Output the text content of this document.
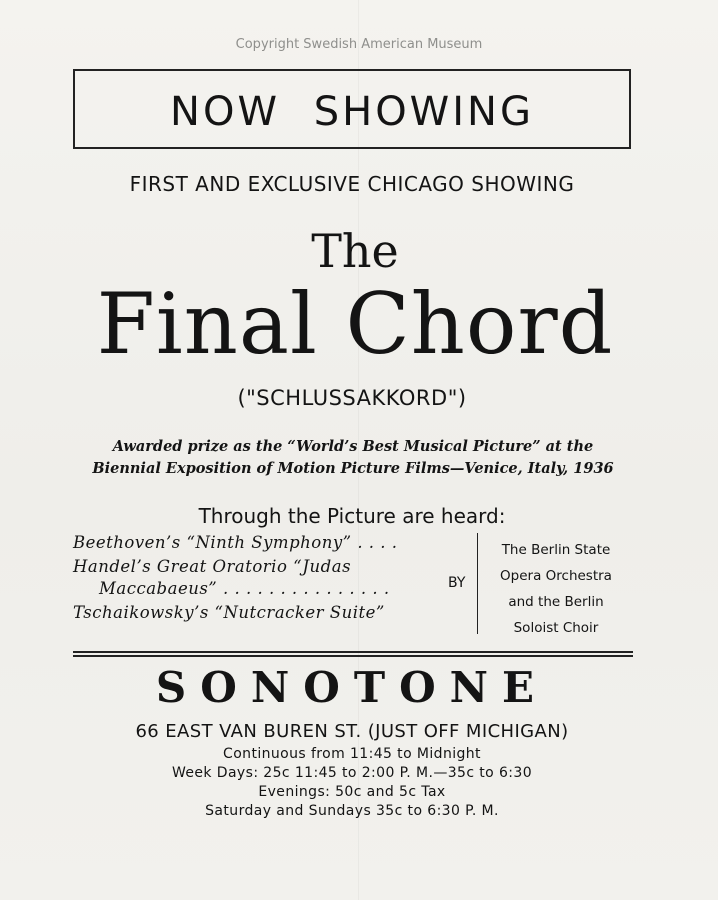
Copyright Swedish American Museum
NOW SHOWING
FIRST AND EXCLUSIVE CHICAGO SHOWING
The
Final Chord
("SCHLUSSAKKORD")
Awarded prize as the “World’s Best Musical Picture” at the
Biennial Exposition of Motion Picture Films—Venice, Italy, 1936
Through the Picture are heard:
Beethoven’s “Ninth Symphony” . . . .
Handel’s Great Oratorio “Judas
Maccabaeus” . . . . . . . . . . . . . . .
Tschaikowsky’s “Nutcracker Suite”
BY
The Berlin State
Opera Orchestra
and the Berlin
Soloist Choir
SONOTONE
66 EAST VAN BUREN ST. (JUST OFF MICHIGAN)
Continuous from 11:45 to Midnight
Week Days: 25c 11:45 to 2:00 P. M.—35c to 6:30
Evenings: 50c and 5c Tax
Saturday and Sundays 35c to 6:30 P. M.
